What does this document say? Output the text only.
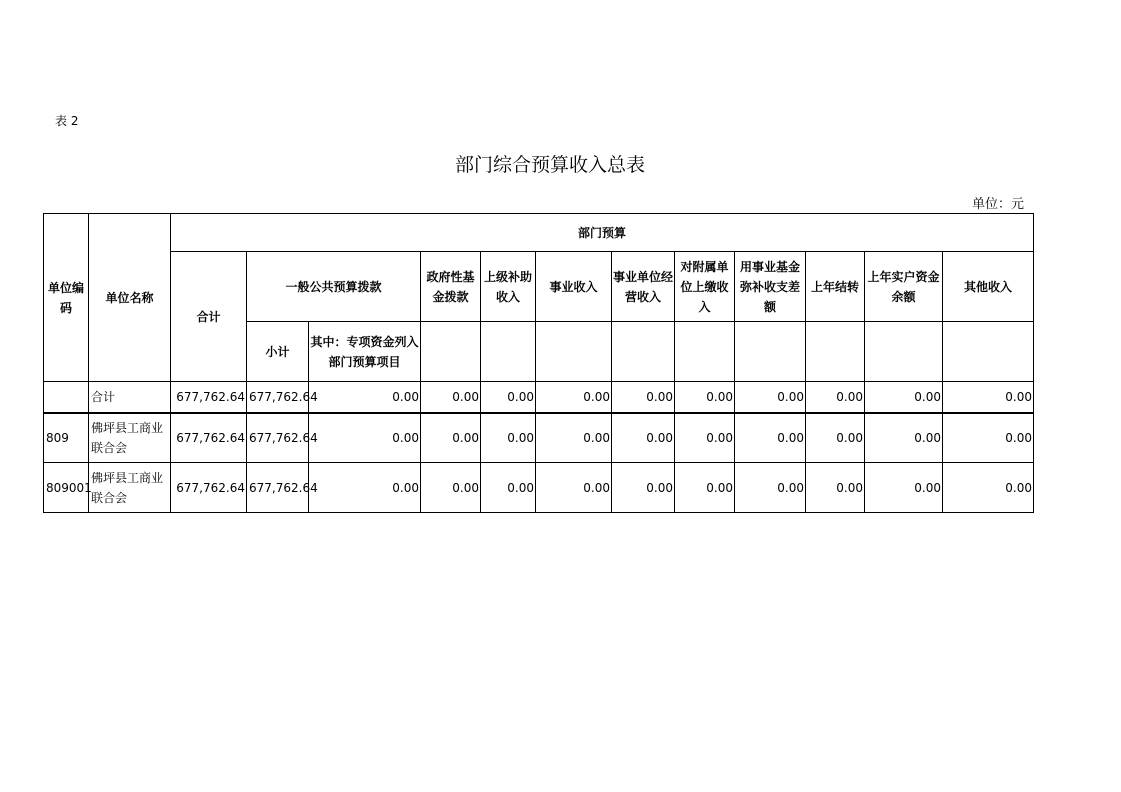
表 2
部门综合预算收入总表
单位：元
单位编码	单位名称	部门预算											
		合计	一般公共预算拨款		政府性基金拨款	上级补助收入	事业收入	事业单位经营收入	对附属单位上缴收入	用事业基金弥补收支差额	上年结转	上年实户资金余额	其他收入
			小计	其中：专项资金列入部门预算项目									
	合计	677,762.64	677,762.64	0.00	0.00	0.00	0.00	0.00	0.00	0.00	0.00	0.00	0.00
809	佛坪县工商业联合会	677,762.64	677,762.64	0.00	0.00	0.00	0.00	0.00	0.00	0.00	0.00	0.00	0.00
809001	佛坪县工商业联合会	677,762.64	677,762.64	0.00	0.00	0.00	0.00	0.00	0.00	0.00	0.00	0.00	0.00
